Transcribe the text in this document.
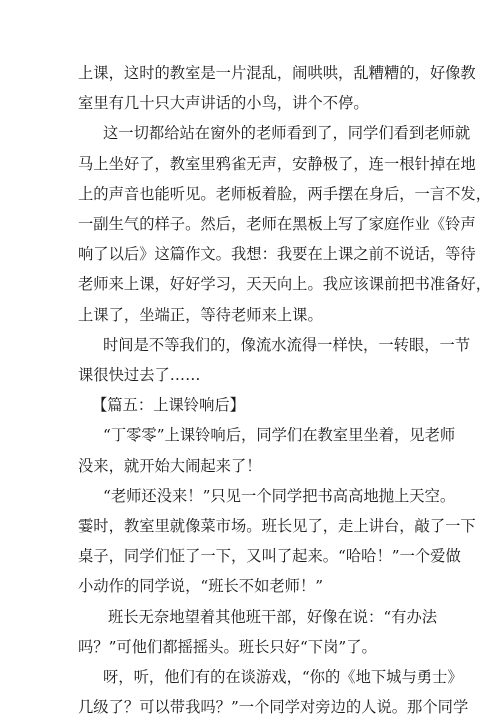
上课，这时的教室是一片混乱，闹哄哄，乱糟糟的，好像教
室里有几十只大声讲话的小鸟，讲个不停。
这一切都给站在窗外的老师看到了，同学们看到老师就
马上坐好了，教室里鸦雀无声，安静极了，连一根针掉在地
上的声音也能听见。老师板着脸，两手摆在身后，一言不发，
一副生气的样子。然后，老师在黑板上写了家庭作业《铃声
响了以后》这篇作文。我想：我要在上课之前不说话，等待
老师来上课，好好学习，天天向上。我应该课前把书准备好，
上课了，坐端正，等待老师来上课。
时间是不等我们的，像流水流得一样快，一转眼，一节
课很快过去了……
【篇五：上课铃响后】
“丁零零”上课铃响后，同学们在教室里坐着，见老师
没来，就开始大闹起来了！
“老师还没来！”只见一个同学把书高高地抛上天空。
霎时，教室里就像菜市场。班长见了，走上讲台，敲了一下
桌子，同学们怔了一下，又叫了起来。“哈哈！”一个爱做
小动作的同学说，“班长不如老师！”
班长无奈地望着其他班干部，好像在说：“有办法
吗？”可他们都摇摇头。班长只好“下岗”了。
呀，听，他们有的在谈游戏，“你的《地下城与勇士》
几级了？可以带我吗？”一个同学对旁边的人说。那个同学
